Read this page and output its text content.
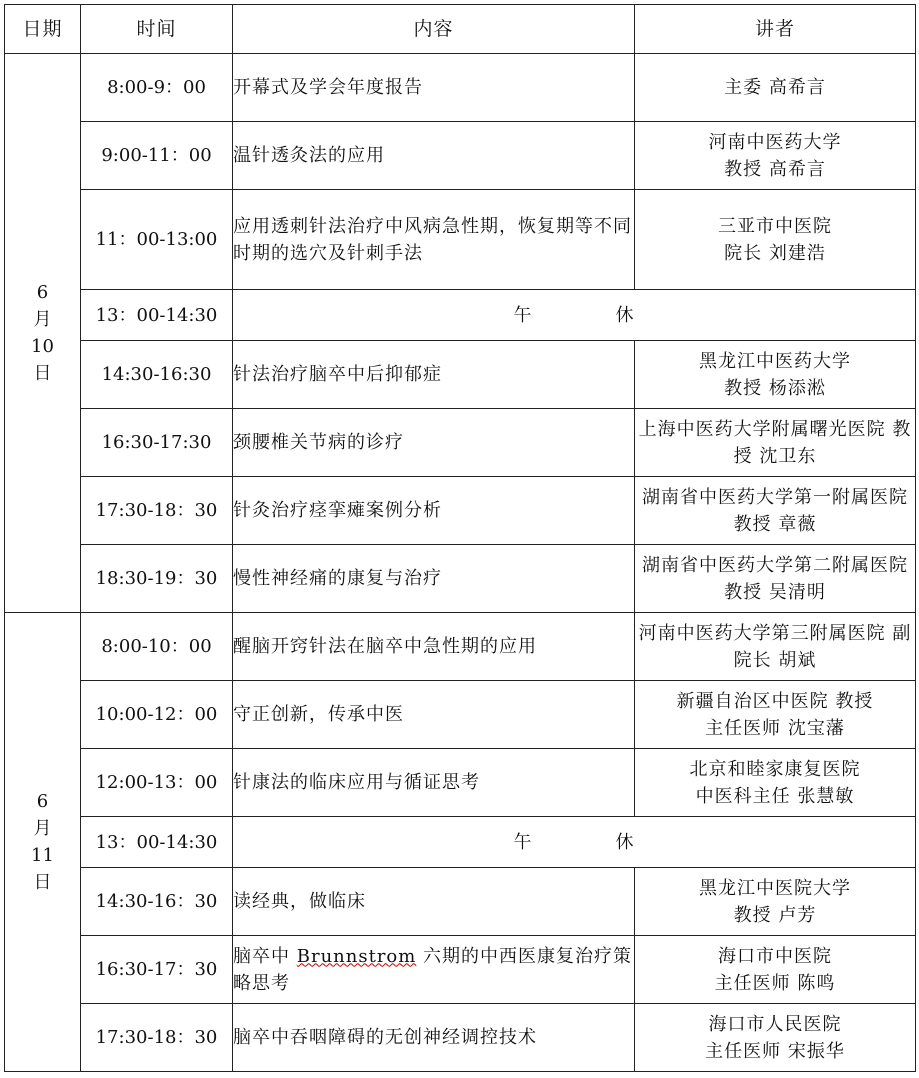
日期	时间	内容	讲者

6
月
10
日	8:00-9：00	开幕式及学会年度报告	主委 高希言
	9:00-11：00	温针透灸法的应用	河南中医药大学
教授 高希言
	11：00-13:00	应用透刺针法治疗中风病急性期，恢复期等不同时期的选穴及针刺手法	三亚市中医院
院长 刘建浩
	13：00-14:30	午 休	
	14:30-16:30	针法治疗脑卒中后抑郁症	黑龙江中医药大学
教授 杨添淞
	16:30-17:30	颈腰椎关节病的诊疗	上海中医药大学附属曙光医院 教授 沈卫东
	17:30-18：30	针灸治疗痉挛瘫案例分析	湖南省中医药大学第一附属医院 教授 章薇
	18:30-19：30	慢性神经痛的康复与治疗	湖南省中医药大学第二附属医院 教授 吴清明

6
月
11
日	8:00-10：00	醒脑开窍针法在脑卒中急性期的应用	河南中医药大学第三附属医院 副院长 胡斌
	10:00-12：00	守正创新，传承中医	新疆自治区中医院 教授
主任医师 沈宝藩
	12:00-13：00	针康法的临床应用与循证思考	北京和睦家康复医院
中医科主任 张慧敏
	13：00-14:30	午 休	
	14:30-16：30	读经典，做临床	黑龙江中医院大学
教授 卢芳
	16:30-17：30	脑卒中 Brunnstrom 六期的中西医康复治疗策略思考	海口市中医院
主任医师 陈鸣
	17:30-18：30	脑卒中吞咽障碍的无创神经调控技术	海口市人民医院
主任医师 宋振华
